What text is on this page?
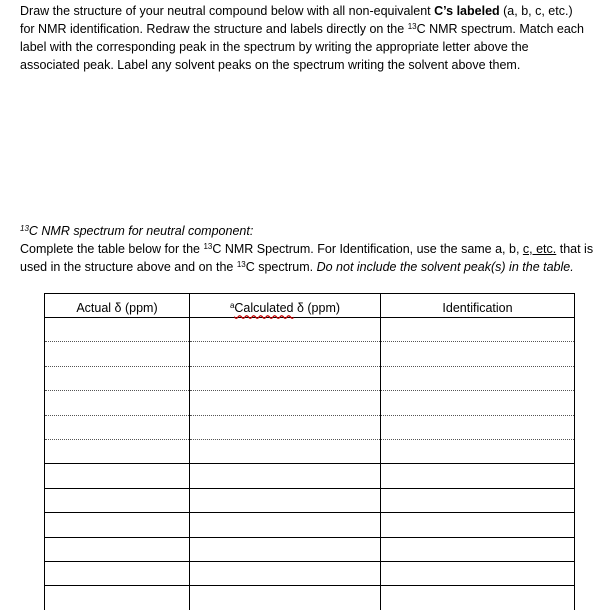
Draw the structure of your neutral compound below with all non-equivalent C’s labeled (a, b, c, etc.) for NMR identification. Redraw the structure and labels directly on the $^{13}$C NMR spectrum. Match each label with the corresponding peak in the spectrum by writing the appropriate letter above the associated peak. Label any solvent peaks on the spectrum writing the solvent above them.
$^{13}$C NMR spectrum for neutral component:
Complete the table below for the $^{13}$C NMR Spectrum. For Identification, use the same a, b, c, etc. that is used in the structure above and on the $^{13}$C spectrum. Do not include the solvent peak(s) in the table.
Actual δ (ppm)	$^a$Calculated δ (ppm)	Identification
